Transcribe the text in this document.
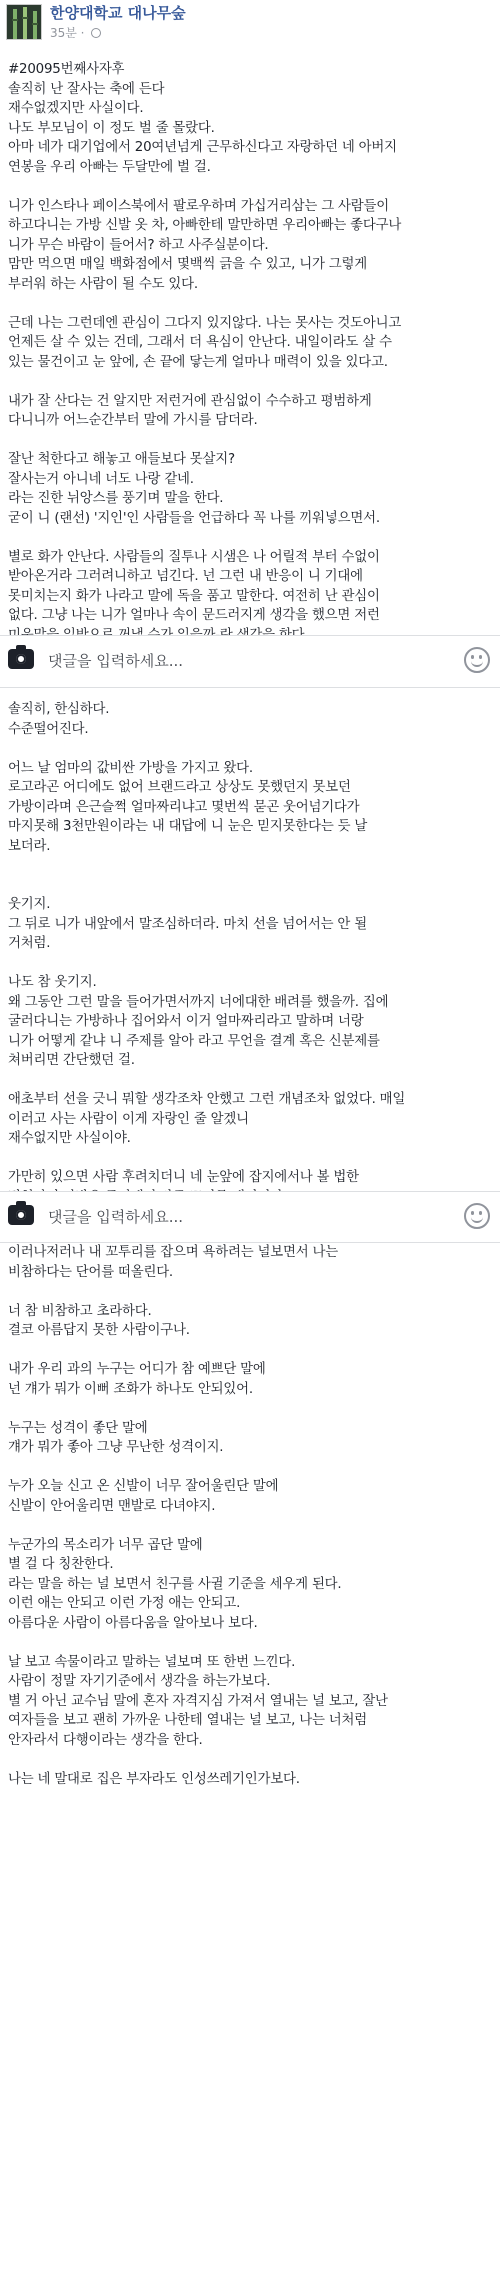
한양대학교 대나무숲
35분 ·
#20095번째사자후
솔직히 난 잘사는 축에 든다
재수없겠지만 사실이다.
나도 부모님이 이 정도 벌 줄 몰랐다.
아마 네가 대기업에서 20여년넘게 근무하신다고 자랑하던 네 아버지
연봉을 우리 아빠는 두달만에 벌 걸.

니가 인스타나 페이스북에서 팔로우하며 가십거리삼는 그 사람들이
하고다니는 가방 신발 옷 차, 아빠한테 말만하면 우리아빠는 좋다구나
니가 무슨 바람이 들어서? 하고 사주실분이다.
맘만 먹으면 매일 백화점에서 몇백씩 긁을 수 있고, 니가 그렇게
부러워 하는 사람이 될 수도 있다.

근데 나는 그런데엔 관심이 그다지 있지않다. 나는 못사는 것도아니고
언제든 살 수 있는 건데, 그래서 더 욕심이 안난다. 내일이라도 살 수
있는 물건이고 눈 앞에, 손 끝에 닿는게 얼마나 매력이 있을 있다고.

내가 잘 산다는 건 알지만 저런거에 관심없이 수수하고 평범하게
다니니까 어느순간부터 말에 가시를 담더라.

잘난 척한다고 해놓고 애들보다 못살지?
잘사는거 아니네 너도 나랑 같네.
라는 진한 뉘앙스를 풍기며 말을 한다.
굳이 니 (랜선) '지인'인 사람들을 언급하다 꼭 나를 끼워넣으면서.

별로 화가 안난다. 사람들의 질투나 시샘은 나 어릴적 부터 수없이
받아온거라 그러려니하고 넘긴다. 넌 그런 내 반응이 니 기대에
못미치는지 화가 나라고 말에 독을 품고 말한다. 여전히 난 관심이
없다. 그냥 나는 니가 얼마나 속이 문드러지게 생각을 했으면 저런

댓글을 입력하세요...
솔직히, 한심하다.
수준떨어진다.

어느 날 엄마의 값비싼 가방을 가지고 왔다.
로고라곤 어디에도 없어 브랜드라고 상상도 못했던지 못보던
가방이라며 은근슬쩍 얼마짜리냐고 몇번씩 묻곤 웃어넘기다가
마지못해 3천만원이라는 내 대답에 니 눈은 믿지못한다는 듯 날
보더라.

웃기지.
그 뒤로 니가 내앞에서 말조심하더라. 마치 선을 넘어서는 안 될
거처럼.

나도 참 웃기지.
왜 그동안 그런 말을 들어가면서까지 너에대한 배려를 했을까. 집에
굴러다니는 가방하나 집어와서 이거 얼마짜리라고 말하며 너랑
니가 어떻게 같냐 니 주제를 알아 라고 무언을 결계 혹은 신분제를
쳐버리면 간단했던 걸.

애초부터 선을 긋니 뭐할 생각조차 안했고 그런 개념조차 없었다. 매일
이러고 사는 사람이 이게 자랑인 줄 알겠니
재수없지만 사실이야.

가만히 있으면 사람 후려치더니 네 눈앞에 잡지에서나 볼 법한

댓글을 입력하세요...
이러나저러나 내 꼬투리를 잡으며 욕하려는 널보면서 나는
비참하다는 단어를 떠올린다.

너 참 비참하고 초라하다.
결코 아름답지 못한 사람이구나.

내가 우리 과의 누구는 어디가 참 예쁘단 말에
넌 걔가 뭐가 이뻐 조화가 하나도 안되있어.

누구는 성격이 좋단 말에
걔가 뭐가 좋아 그냥 무난한 성격이지.

누가 오늘 신고 온 신발이 너무 잘어울린단 말에
신발이 안어울리면 맨발로 다녀야지.

누군가의 목소리가 너무 곱단 말에
별 걸 다 칭찬한다.
라는 말을 하는 널 보면서 친구를 사귈 기준을 세우게 된다.
이런 애는 안되고 이런 가정 애는 안되고.
아름다운 사람이 아름다움을 알아보나 보다.

날 보고 속물이라고 말하는 널보며 또 한번 느낀다.
사람이 정말 자기기준에서 생각을 하는가보다.
별 거 아닌 교수님 말에 혼자 자격지심 가져서 열내는 널 보고, 잘난
여자들을 보고 괜히 가까운 나한테 열내는 널 보고, 나는 너처럼
안자라서 다행이라는 생각을 한다.

나는 네 말대로 집은 부자라도 인성쓰레기인가보다.
